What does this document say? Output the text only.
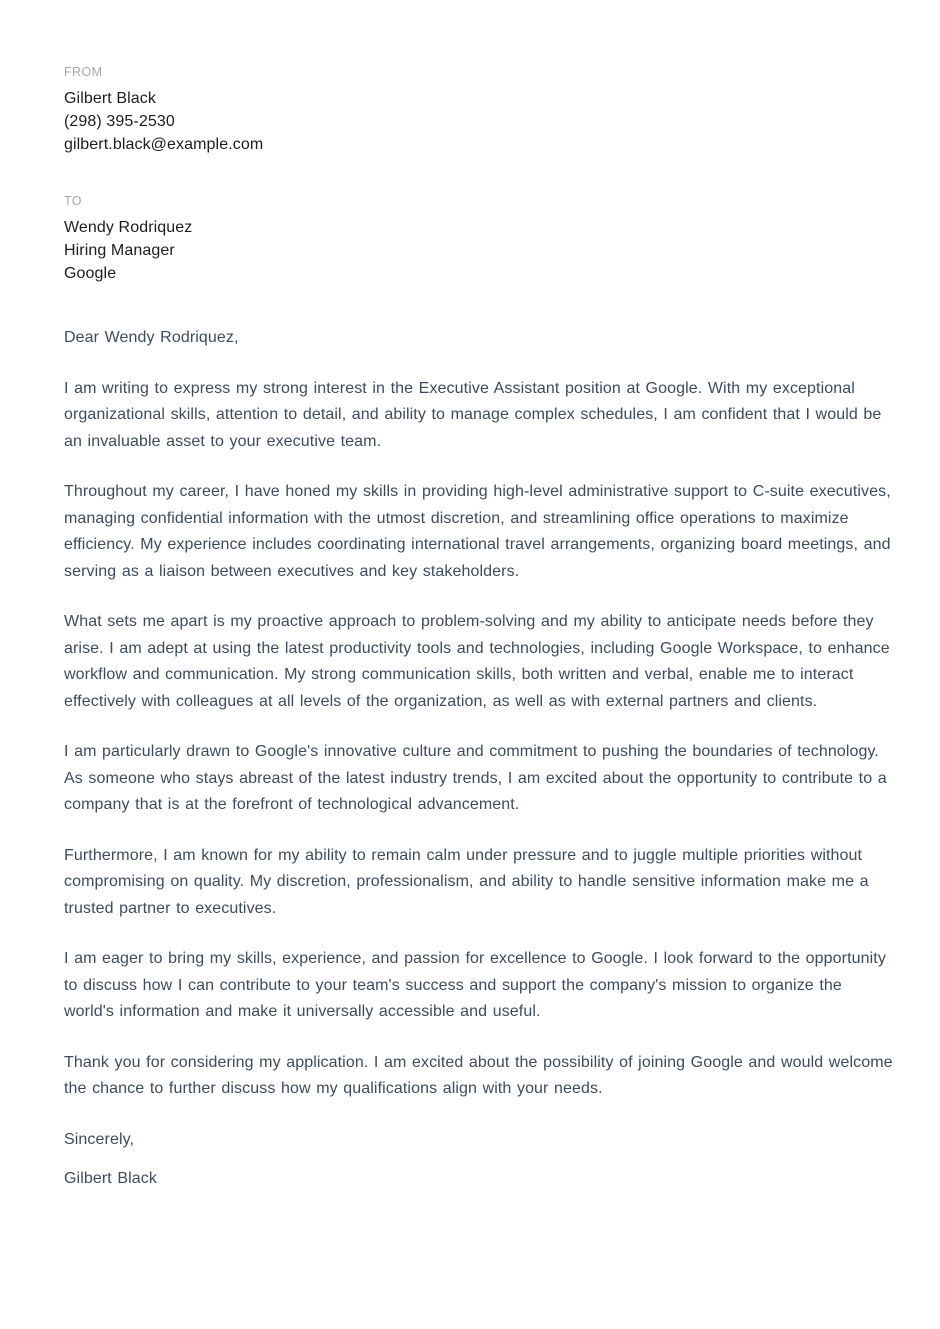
FROM
Gilbert Black
(298) 395-2530
gilbert.black@example.com
TO
Wendy Rodriquez
Hiring Manager
Google

Dear Wendy Rodriquez,

I am writing to express my strong interest in the Executive Assistant position at Google. With my exceptional organizational skills, attention to detail, and ability to manage complex schedules, I am confident that I would be an invaluable asset to your executive team.

Throughout my career, I have honed my skills in providing high-level administrative support to C-suite executives, managing confidential information with the utmost discretion, and streamlining office operations to maximize efficiency. My experience includes coordinating international travel arrangements, organizing board meetings, and serving as a liaison between executives and key stakeholders.

What sets me apart is my proactive approach to problem-solving and my ability to anticipate needs before they arise. I am adept at using the latest productivity tools and technologies, including Google Workspace, to enhance workflow and communication. My strong communication skills, both written and verbal, enable me to interact effectively with colleagues at all levels of the organization, as well as with external partners and clients.

I am particularly drawn to Google's innovative culture and commitment to pushing the boundaries of technology. As someone who stays abreast of the latest industry trends, I am excited about the opportunity to contribute to a company that is at the forefront of technological advancement.

Furthermore, I am known for my ability to remain calm under pressure and to juggle multiple priorities without compromising on quality. My discretion, professionalism, and ability to handle sensitive information make me a trusted partner to executives.

I am eager to bring my skills, experience, and passion for excellence to Google. I look forward to the opportunity to discuss how I can contribute to your team's success and support the company's mission to organize the world's information and make it universally accessible and useful.

Thank you for considering my application. I am excited about the possibility of joining Google and would welcome the chance to further discuss how my qualifications align with your needs.

Sincerely,

Gilbert Black
